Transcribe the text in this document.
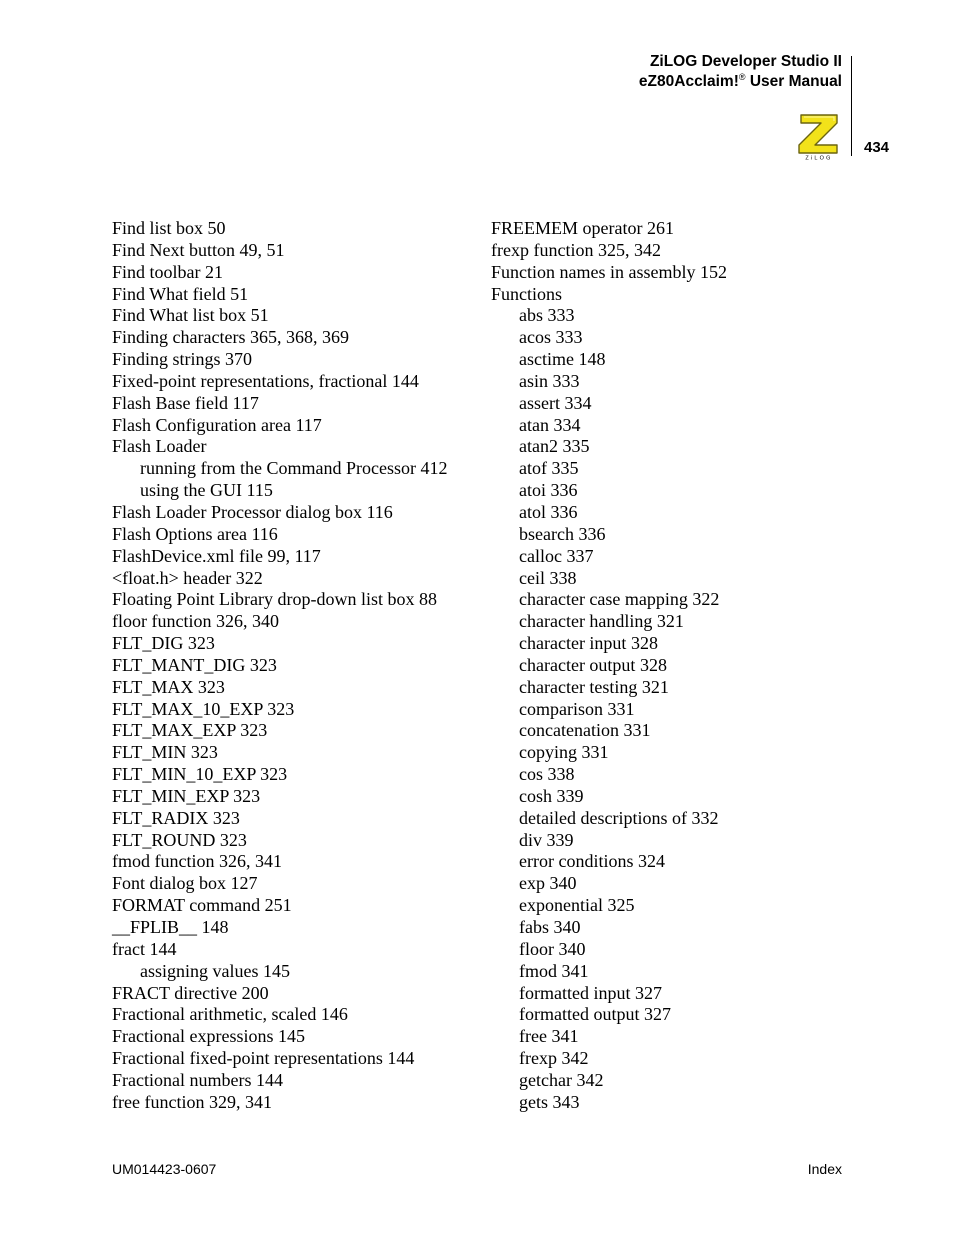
ZiLOG Developer Studio II
eZ80Acclaim!® User Manual
ZiLOG
434
Find list box 50
Find Next button 49, 51
Find toolbar 21
Find What field 51
Find What list box 51
Finding characters 365, 368, 369
Finding strings 370
Fixed-point representations, fractional 144
Flash Base field 117
Flash Configuration area 117
Flash Loader
running from the Command Processor 412
using the GUI 115
Flash Loader Processor dialog box 116
Flash Options area 116
FlashDevice.xml file 99, 117
<float.h> header 322
Floating Point Library drop-down list box 88
floor function 326, 340
FLT_DIG 323
FLT_MANT_DIG 323
FLT_MAX 323
FLT_MAX_10_EXP 323
FLT_MAX_EXP 323
FLT_MIN 323
FLT_MIN_10_EXP 323
FLT_MIN_EXP 323
FLT_RADIX 323
FLT_ROUND 323
fmod function 326, 341
Font dialog box 127
FORMAT command 251
__FPLIB__ 148
fract 144
assigning values 145
FRACT directive 200
Fractional arithmetic, scaled 146
Fractional expressions 145
Fractional fixed-point representations 144
Fractional numbers 144
free function 329, 341
FREEMEM operator 261
frexp function 325, 342
Function names in assembly 152
Functions
abs 333
acos 333
asctime 148
asin 333
assert 334
atan 334
atan2 335
atof 335
atoi 336
atol 336
bsearch 336
calloc 337
ceil 338
character case mapping 322
character handling 321
character input 328
character output 328
character testing 321
comparison 331
concatenation 331
copying 331
cos 338
cosh 339
detailed descriptions of 332
div 339
error conditions 324
exp 340
exponential 325
fabs 340
floor 340
fmod 341
formatted input 327
formatted output 327
free 341
frexp 342
getchar 342
gets 343
UM014423-0607	Index
